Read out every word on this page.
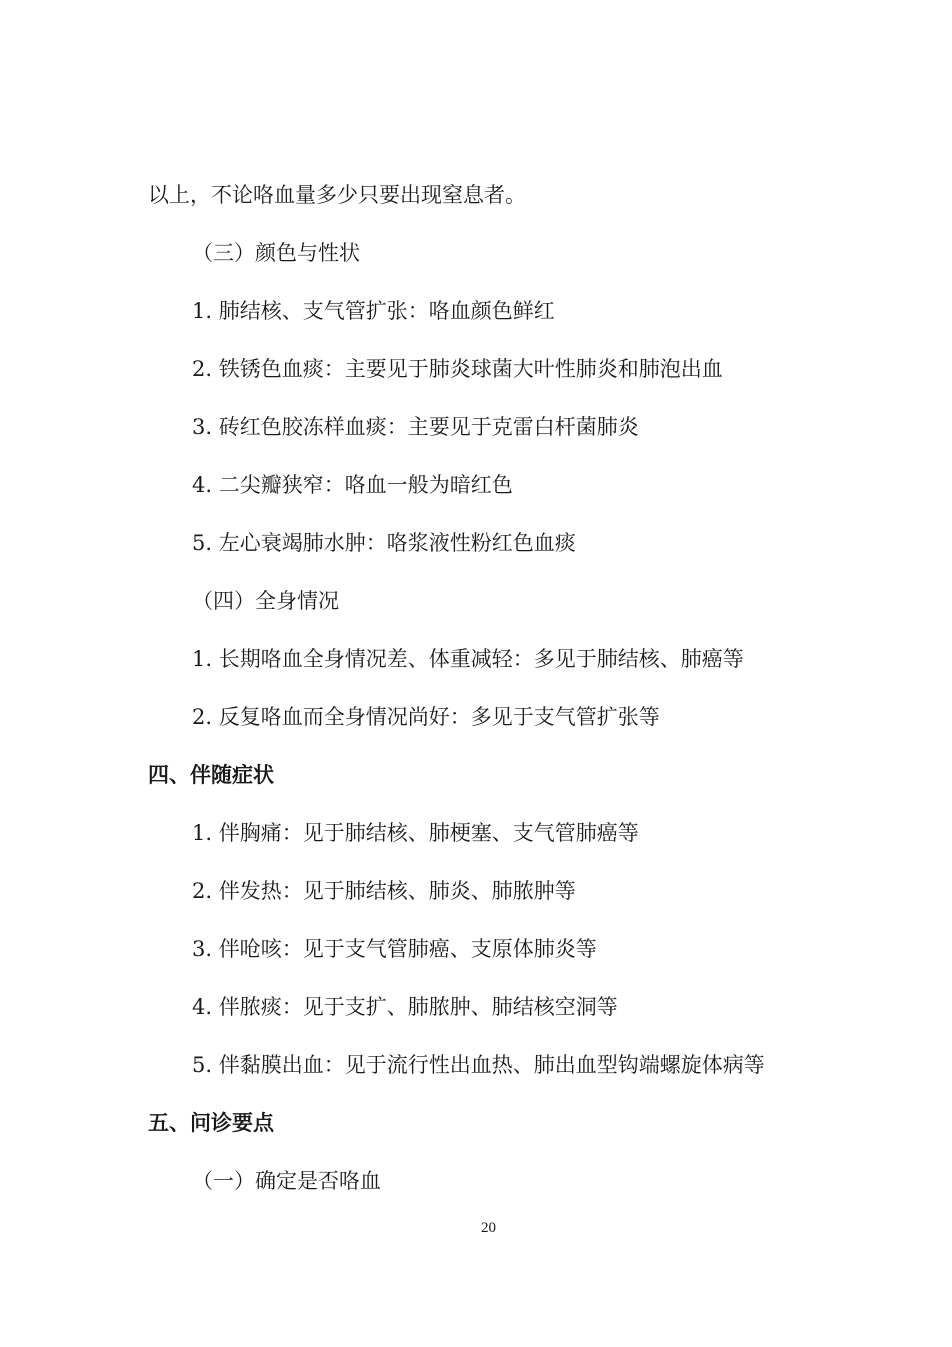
以上，不论咯血量多少只要出现窒息者。
（三）颜色与性状
1. 肺结核、支气管扩张：咯血颜色鲜红
2. 铁锈色血痰：主要见于肺炎球菌大叶性肺炎和肺泡出血
3. 砖红色胶冻样血痰：主要见于克雷白杆菌肺炎
4. 二尖瓣狭窄：咯血一般为暗红色
5. 左心衰竭肺水肿：咯浆液性粉红色血痰
（四）全身情况
1. 长期咯血全身情况差、体重减轻：多见于肺结核、肺癌等
2. 反复咯血而全身情况尚好：多见于支气管扩张等
四、伴随症状
1. 伴胸痛：见于肺结核、肺梗塞、支气管肺癌等
2. 伴发热：见于肺结核、肺炎、肺脓肿等
3. 伴呛咳：见于支气管肺癌、支原体肺炎等
4. 伴脓痰：见于支扩、肺脓肿、肺结核空洞等
5. 伴黏膜出血：见于流行性出血热、肺出血型钩端螺旋体病等
五、问诊要点
（一）确定是否咯血
20
